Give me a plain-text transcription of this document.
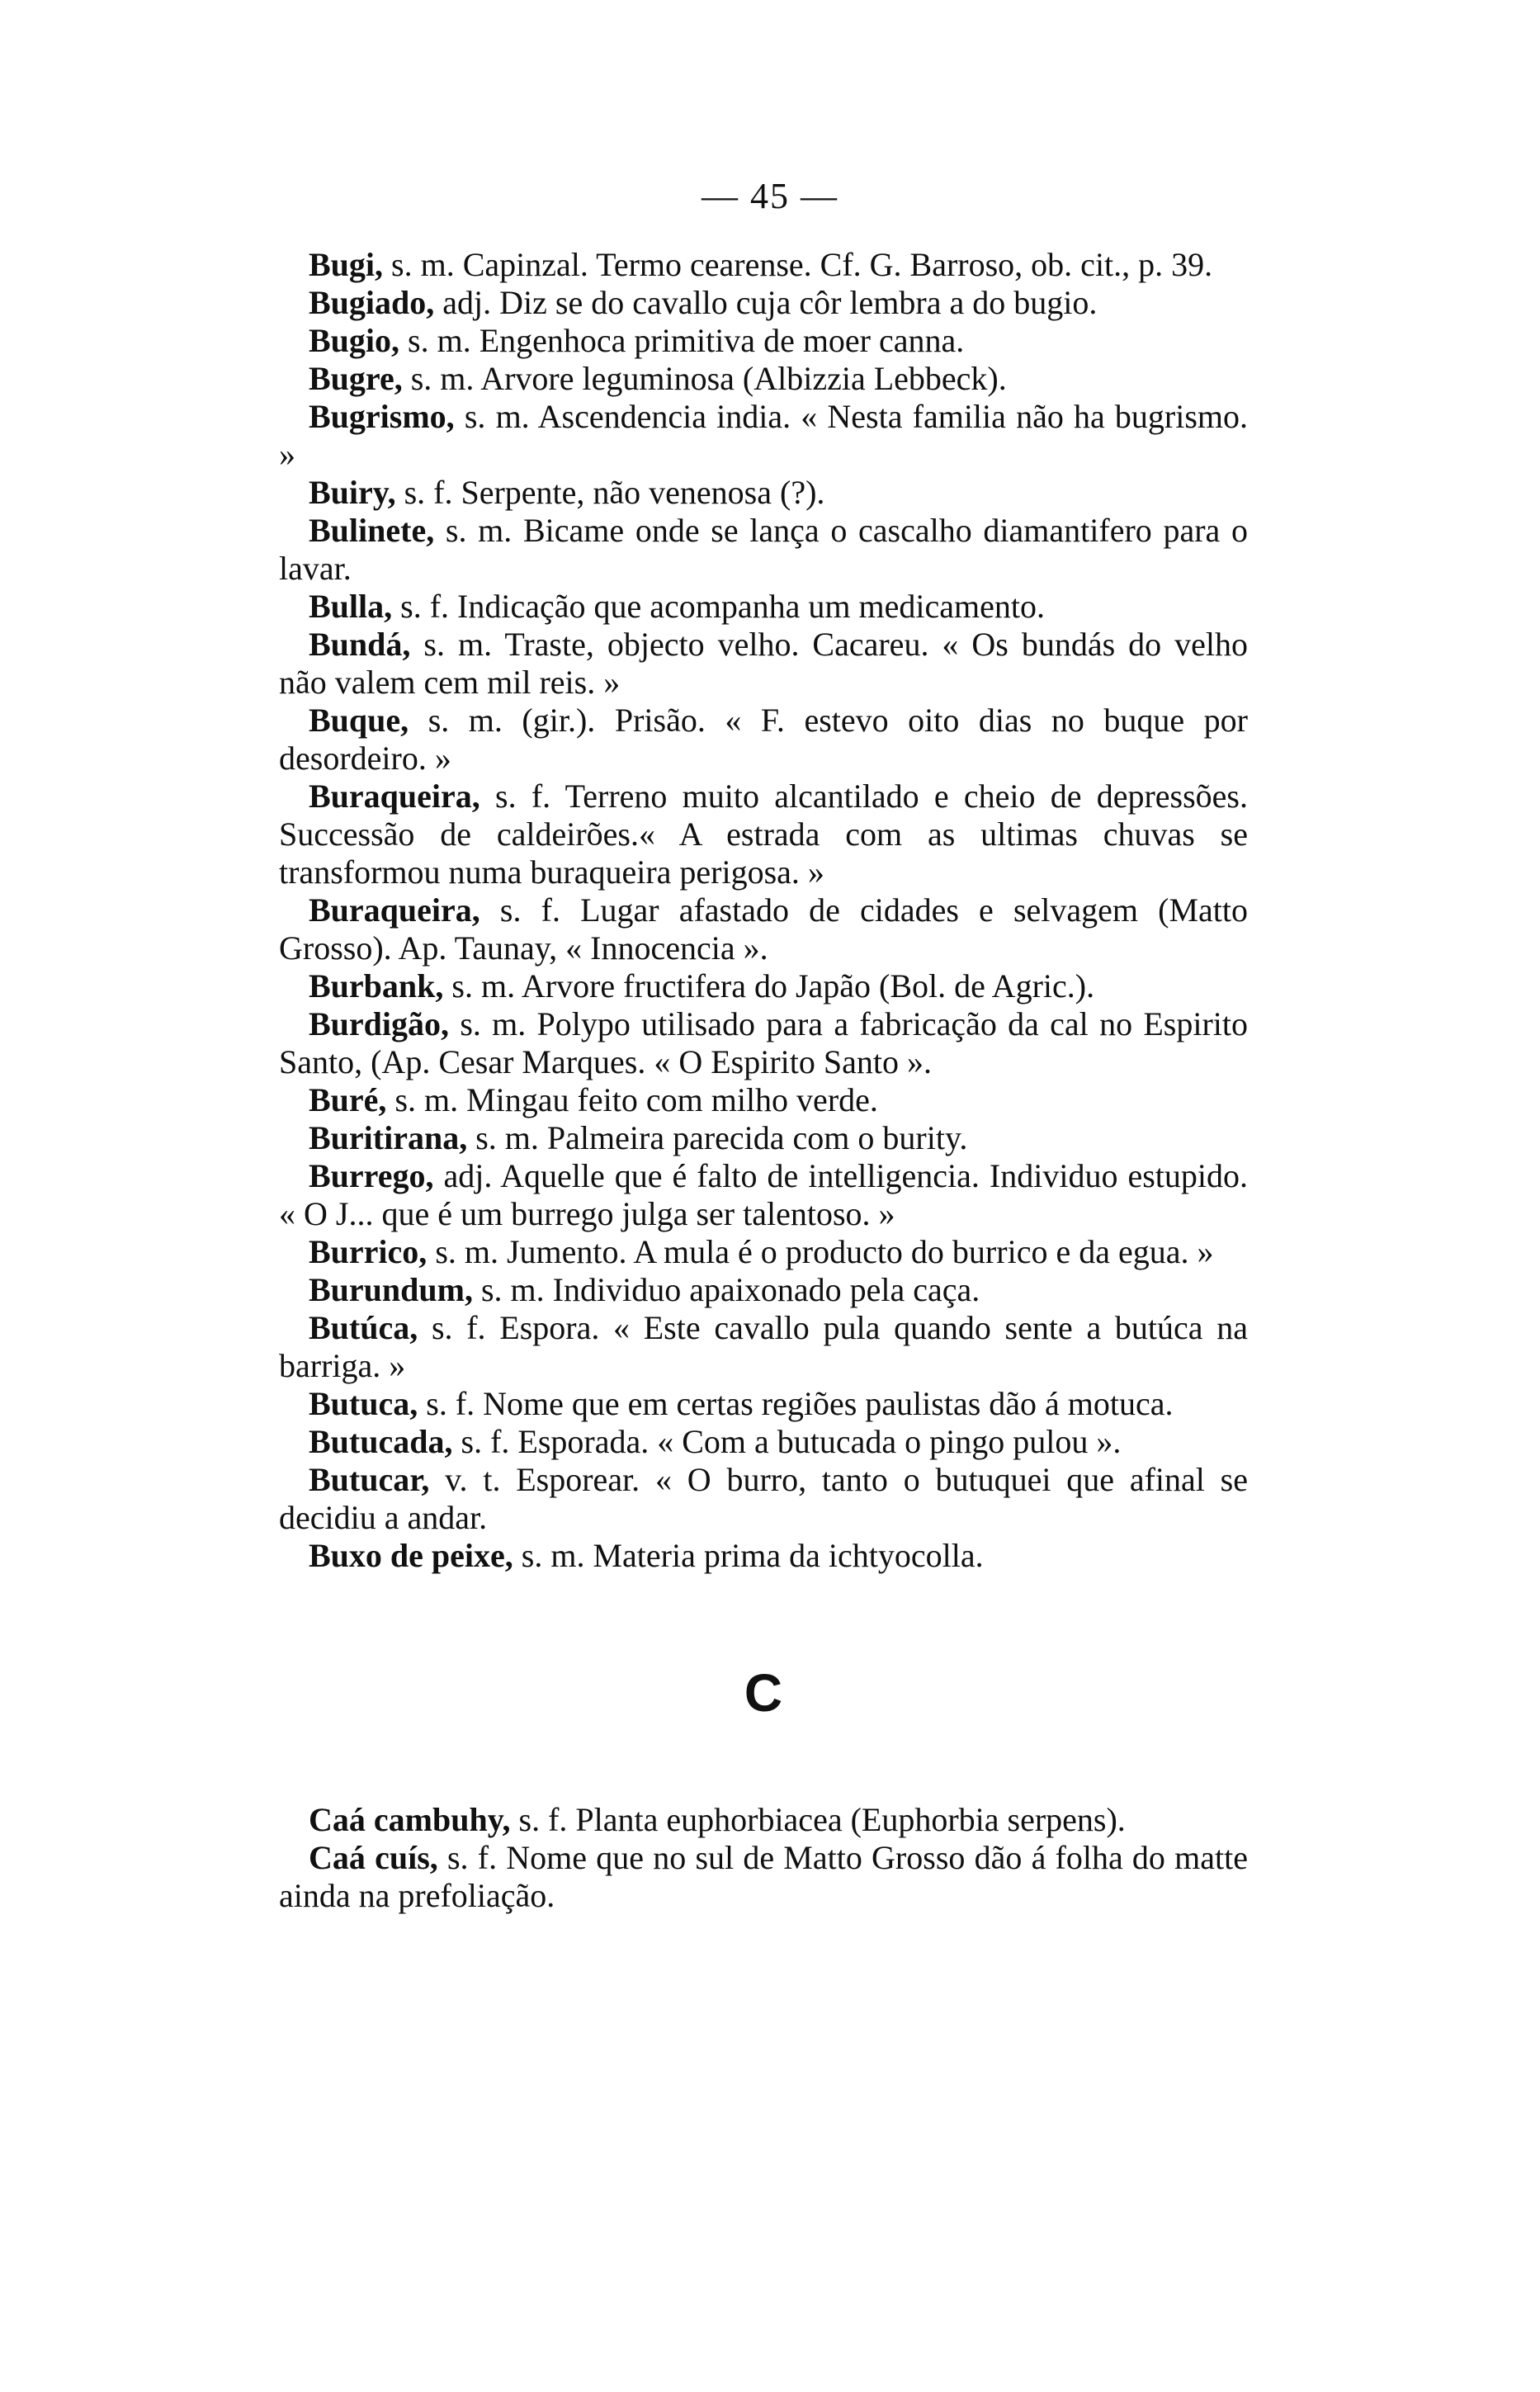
— 45 —

Bugi, s. m. Capinzal. Termo cearense. Cf. G. Barroso, ob. cit., p. 39.

Bugiado, adj. Diz se do cavallo cuja côr lembra a do bugio.

Bugio, s. m. Engenhoca primitiva de moer canna.

Bugre, s. m. Arvore leguminosa (Albizzia Lebbeck).

Bugrismo, s. m. Ascendencia india. « Nesta familia não ha bugrismo. »

Buiry, s. f. Serpente, não venenosa (?).

Bulinete, s. m. Bicame onde se lança o cascalho diamantifero para o lavar.

Bulla, s. f. Indicação que acompanha um medicamento.

Bundá, s. m. Traste, objecto velho. Cacareu. « Os bundás do velho não valem cem mil reis. »

Buque, s. m. (gir.). Prisão. « F. estevo oito dias no buque por desordeiro. »

Buraqueira, s. f. Terreno muito alcantilado e cheio de depressões. Successão de caldeirões.« A estrada com as ultimas chuvas se transformou numa buraqueira perigosa. »

Buraqueira, s. f. Lugar afastado de cidades e selvagem (Matto Grosso). Ap. Taunay, « Innocencia ».

Burbank, s. m. Arvore fructifera do Japão (Bol. de Agric.).

Burdigão, s. m. Polypo utilisado para a fabricação da cal no Espirito Santo, (Ap. Cesar Marques. « O Espirito Santo ».

Buré, s. m. Mingau feito com milho verde.

Buritirana, s. m. Palmeira parecida com o burity.

Burrego, adj. Aquelle que é falto de intelligencia. Individuo estupido. « O J... que é um burrego julga ser talentoso. »

Burrico, s. m. Jumento. A mula é o producto do burrico e da egua. »

Burundum, s. m. Individuo apaixonado pela caça.

Butúca, s. f. Espora. « Este cavallo pula quando sente a butúca na barriga. »

Butuca, s. f. Nome que em certas regiões paulistas dão á motuca.

Butucada, s. f. Esporada. « Com a butucada o pingo pulou ».

Butucar, v. t. Esporear. « O burro, tanto o butuquei que afinal se decidiu a andar.

Buxo de peixe, s. m. Materia prima da ichtyocolla.

C

Caá cambuhy, s. f. Planta euphorbiacea (Euphorbia serpens).

Caá cuís, s. f. Nome que no sul de Matto Grosso dão á folha do matte ainda na prefoliação.
